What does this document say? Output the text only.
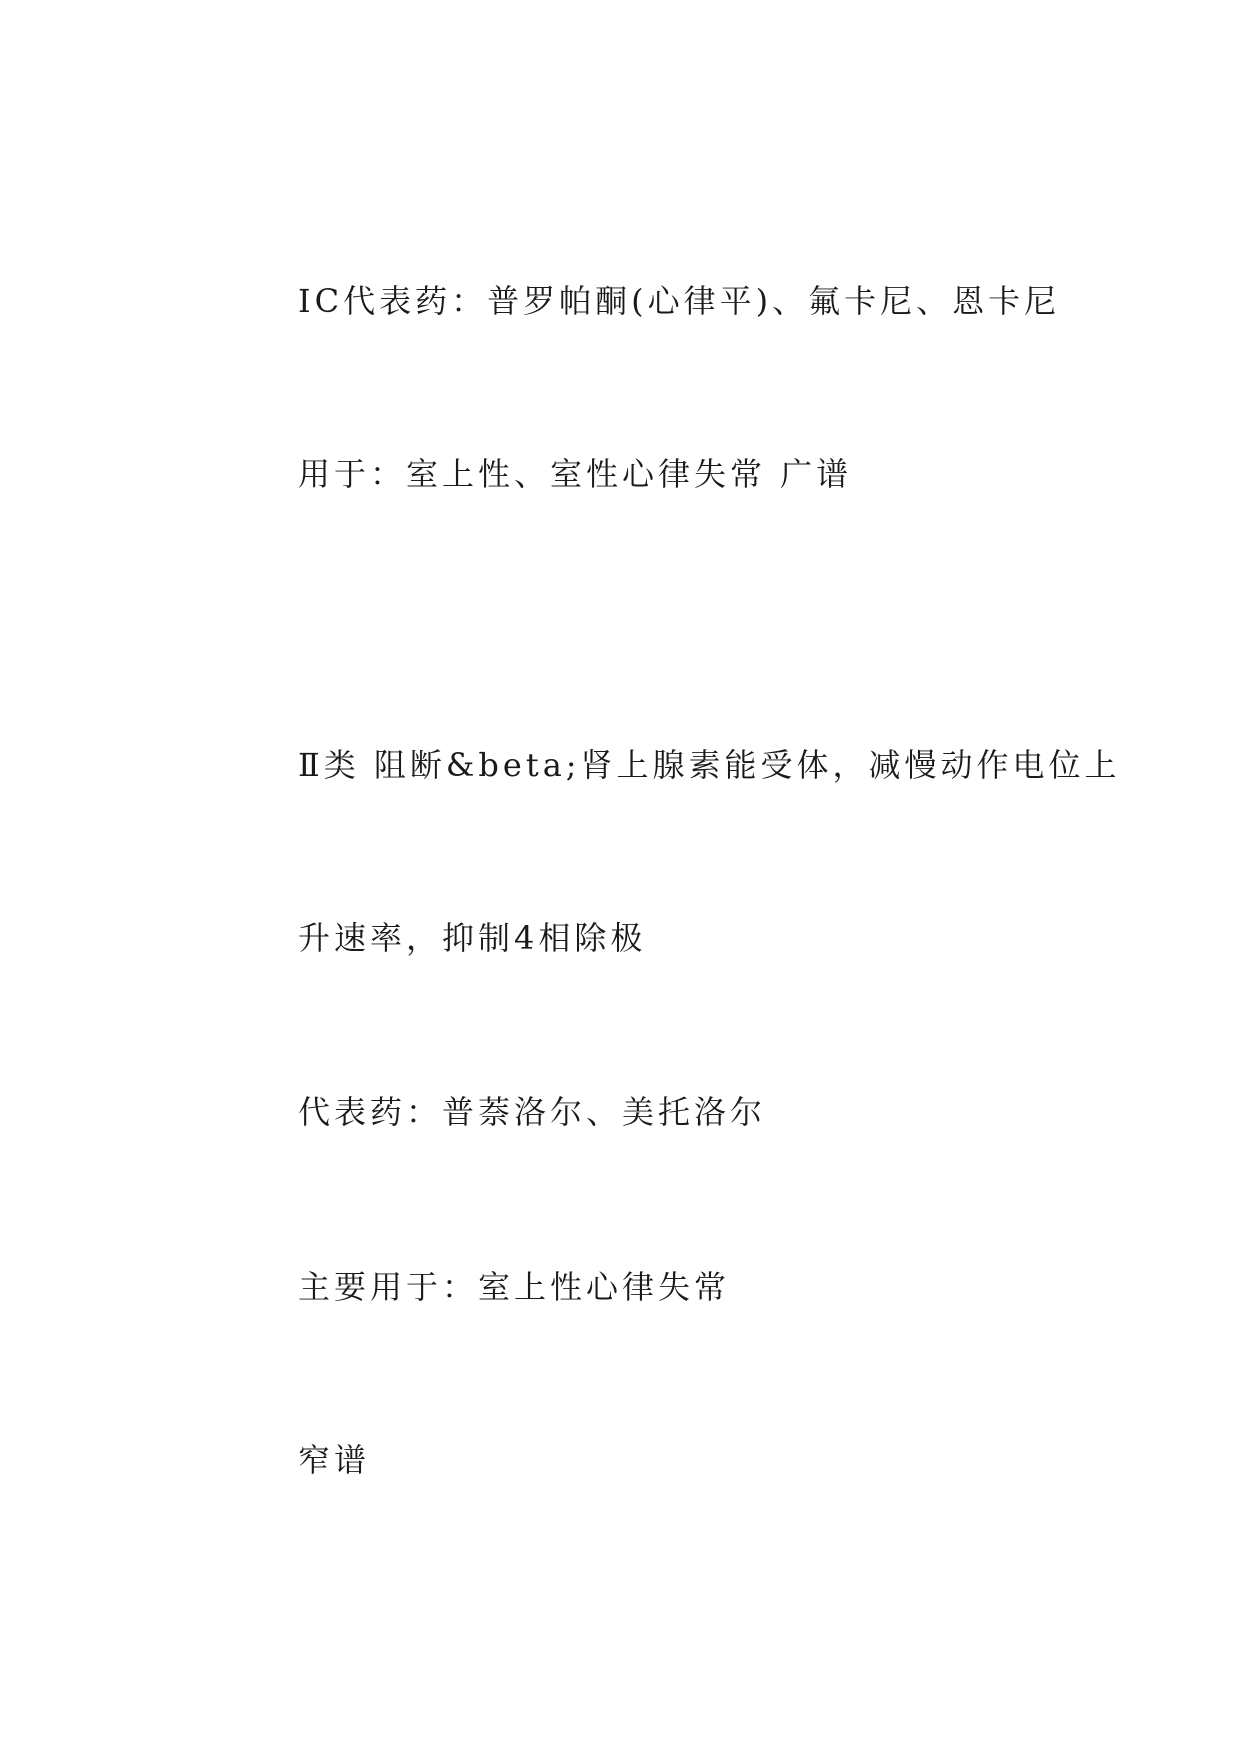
ⅠC代表药：普罗帕酮(心律平)、氟卡尼、恩卡尼
用于：室上性、室性心律失常 广谱
Ⅱ类 阻断&beta;肾上腺素能受体，减慢动作电位上
升速率，抑制4相除极
代表药：普萘洛尔、美托洛尔
主要用于：室上性心律失常
窄谱
